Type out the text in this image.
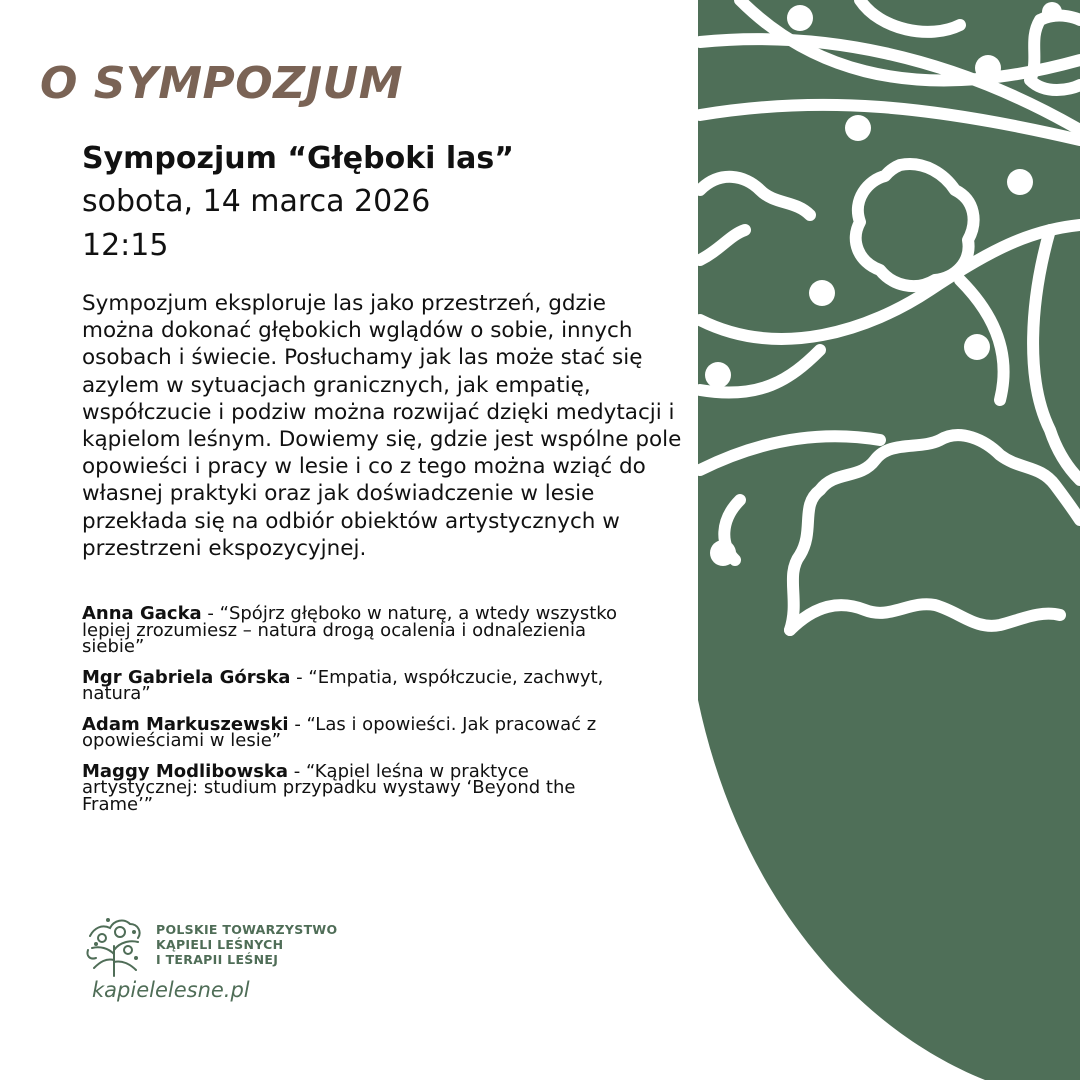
O SYMPOZJUM

Sympozjum “Głęboki las”

sobota, 14 marca 2026

12:15

Sympozjum eksploruje las jako przestrzeń, gdzie można dokonać głębokich wglądów o sobie, innych osobach i świecie. Posłuchamy jak las może stać się azylem w sytuacjach granicznych, jak empatię, współczucie i podziw można rozwijać dzięki medytacji i kąpielom leśnym. Dowiemy się, gdzie jest wspólne pole opowieści i pracy w lesie i co z tego można wziąć do własnej praktyki oraz jak doświadczenie w lesie przekłada się na odbiór obiektów artystycznych w przestrzeni ekspozycyjnej.

Anna Gacka - “Spójrz głęboko w naturę, a wtedy wszystko lepiej zrozumiesz – natura drogą ocalenia i odnalezienia siebie”

Mgr Gabriela Górska - “Empatia, współczucie, zachwyt, natura”

Adam Markuszewski - “Las i opowieści. Jak pracować z opowieściami w lesie”

Maggy Modlibowska - “Kąpiel leśna w praktyce artystycznej: studium przypadku wystawy ‘Beyond the Frame’”

POLSKIE TOWARZYSTWO
KĄPIELI LEŚNYCH
I TERAPII LEŚNEJ
kapielelesne.pl
